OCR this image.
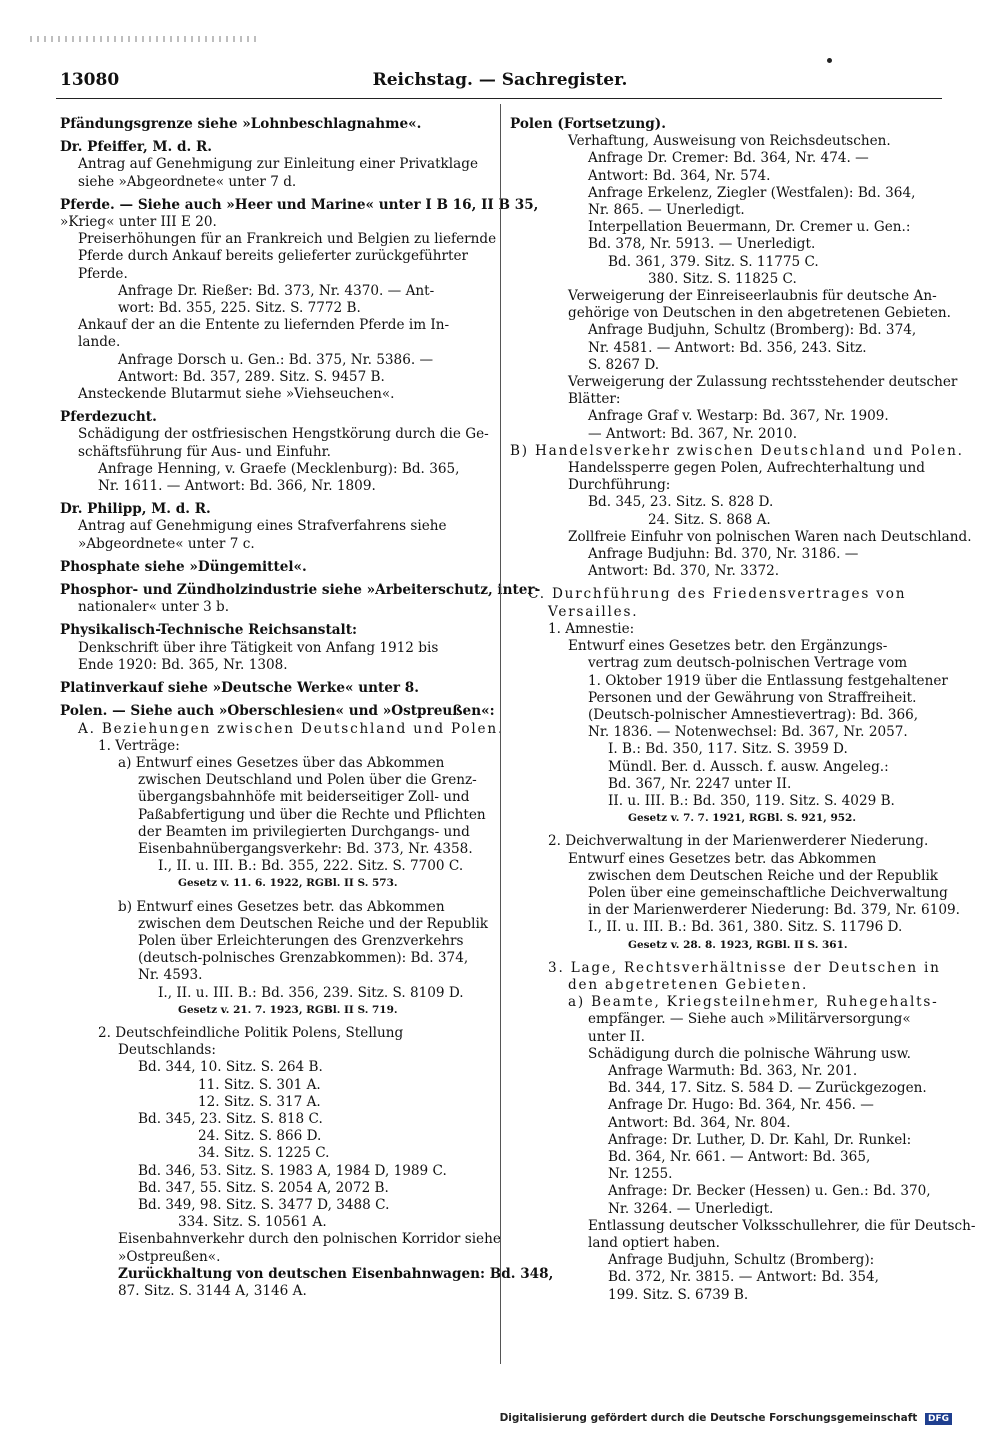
13080	Reichstag. — Sachregister.
Pfändungsgrenze siehe »Lohnbeschlagnahme«.
Dr. Pfeiffer, M. d. R.
Antrag auf Genehmigung zur Einleitung einer Privatklage
siehe »Abgeordnete« unter 7 d.
Pferde. — Siehe auch »Heer und Marine« unter I B 16, II B 35,
»Krieg« unter III E 20.
Preiserhöhungen für an Frankreich und Belgien zu liefernde
Pferde durch Ankauf bereits gelieferter zurückgeführter
Pferde.
Anfrage Dr. Rießer: Bd. 373, Nr. 4370. — Ant-
wort: Bd. 355, 225. Sitz. S. 7772 B.
Ankauf der an die Entente zu liefernden Pferde im In-
lande.
Anfrage Dorsch u. Gen.: Bd. 375, Nr. 5386. —
Antwort: Bd. 357, 289. Sitz. S. 9457 B.
Ansteckende Blutarmut siehe »Viehseuchen«.
Pferdezucht.
Schädigung der ostfriesischen Hengstkörung durch die Ge-
schäftsführung für Aus- und Einfuhr.
Anfrage Henning, v. Graefe (Mecklenburg): Bd. 365,
Nr. 1611. — Antwort: Bd. 366, Nr. 1809.
Dr. Philipp, M. d. R.
Antrag auf Genehmigung eines Strafverfahrens siehe
»Abgeordnete« unter 7 c.
Phosphate siehe »Düngemittel«.
Phosphor- und Zündholzindustrie siehe »Arbeiterschutz, inter-
nationaler« unter 3 b.
Physikalisch-Technische Reichsanstalt:
Denkschrift über ihre Tätigkeit von Anfang 1912 bis
Ende 1920: Bd. 365, Nr. 1308.
Platinverkauf siehe »Deutsche Werke« unter 8.
Polen. — Siehe auch »Oberschlesien« und »Ostpreußen«:
A. Beziehungen zwischen Deutschland und Polen.
1. Verträge:
a) Entwurf eines Gesetzes über das Abkommen
zwischen Deutschland und Polen über die Grenz-
übergangsbahnhöfe mit beiderseitiger Zoll- und
Paßabfertigung und über die Rechte und Pflichten
der Beamten im privilegierten Durchgangs- und
Eisenbahnübergangsverkehr: Bd. 373, Nr. 4358.
I., II. u. III. B.: Bd. 355, 222. Sitz. S. 7700 C.
Gesetz v. 11. 6. 1922, RGBl. II S. 573.
b) Entwurf eines Gesetzes betr. das Abkommen
zwischen dem Deutschen Reiche und der Republik
Polen über Erleichterungen des Grenzverkehrs
(deutsch-polnisches Grenzabkommen): Bd. 374,
Nr. 4593.
I., II. u. III. B.: Bd. 356, 239. Sitz. S. 8109 D.
Gesetz v. 21. 7. 1923, RGBl. II S. 719.
2. Deutschfeindliche Politik Polens, Stellung
Deutschlands:
Bd. 344, 10. Sitz. S. 264 B.
11. Sitz. S. 301 A.
12. Sitz. S. 317 A.
Bd. 345, 23. Sitz. S. 818 C.
24. Sitz. S. 866 D.
34. Sitz. S. 1225 C.
Bd. 346, 53. Sitz. S. 1983 A, 1984 D, 1989 C.
Bd. 347, 55. Sitz. S. 2054 A, 2072 B.
Bd. 349, 98. Sitz. S. 3477 D, 3488 C.
334. Sitz. S. 10561 A.
Eisenbahnverkehr durch den polnischen Korridor siehe
»Ostpreußen«.
Zurückhaltung von deutschen Eisenbahnwagen: Bd. 348,
87. Sitz. S. 3144 A, 3146 A.
Polen (Fortsetzung).
Verhaftung, Ausweisung von Reichsdeutschen.
Anfrage Dr. Cremer: Bd. 364, Nr. 474. —
Antwort: Bd. 364, Nr. 574.
Anfrage Erkelenz, Ziegler (Westfalen): Bd. 364,
Nr. 865. — Unerledigt.
Interpellation Beuermann, Dr. Cremer u. Gen.:
Bd. 378, Nr. 5913. — Unerledigt.
Bd. 361, 379. Sitz. S. 11775 C.
380. Sitz. S. 11825 C.
Verweigerung der Einreiseerlaubnis für deutsche An-
gehörige von Deutschen in den abgetretenen Gebieten.
Anfrage Budjuhn, Schultz (Bromberg): Bd. 374,
Nr. 4581. — Antwort: Bd. 356, 243. Sitz.
S. 8267 D.
Verweigerung der Zulassung rechtsstehender deutscher
Blätter:
Anfrage Graf v. Westarp: Bd. 367, Nr. 1909.
— Antwort: Bd. 367, Nr. 2010.
B) Handelsverkehr zwischen Deutschland und Polen.
Handelssperre gegen Polen, Aufrechterhaltung und
Durchführung:
Bd. 345, 23. Sitz. S. 828 D.
24. Sitz. S. 868 A.
Zollfreie Einfuhr von polnischen Waren nach Deutschland.
Anfrage Budjuhn: Bd. 370, Nr. 3186. —
Antwort: Bd. 370, Nr. 3372.
C. Durchführung des Friedensvertrages von
Versailles.
1. Amnestie:
Entwurf eines Gesetzes betr. den Ergänzungs-
vertrag zum deutsch-polnischen Vertrage vom
1. Oktober 1919 über die Entlassung festgehaltener
Personen und der Gewährung von Straffreiheit.
(Deutsch-polnischer Amnestievertrag): Bd. 366,
Nr. 1836. — Notenwechsel: Bd. 367, Nr. 2057.
I. B.: Bd. 350, 117. Sitz. S. 3959 D.
Mündl. Ber. d. Aussch. f. ausw. Angeleg.:
Bd. 367, Nr. 2247 unter II.
II. u. III. B.: Bd. 350, 119. Sitz. S. 4029 B.
Gesetz v. 7. 7. 1921, RGBl. S. 921, 952.
2. Deichverwaltung in der Marienwerderer Niederung.
Entwurf eines Gesetzes betr. das Abkommen
zwischen dem Deutschen Reiche und der Republik
Polen über eine gemeinschaftliche Deichverwaltung
in der Marienwerderer Niederung: Bd. 379, Nr. 6109.
I., II. u. III. B.: Bd. 361, 380. Sitz. S. 11796 D.
Gesetz v. 28. 8. 1923, RGBl. II S. 361.
3. Lage, Rechtsverhältnisse der Deutschen in
den abgetretenen Gebieten.
a) Beamte, Kriegsteilnehmer, Ruhegehalts-
empfänger. — Siehe auch »Militärversorgung«
unter II.
Schädigung durch die polnische Währung usw.
Anfrage Warmuth: Bd. 363, Nr. 201.
Bd. 344, 17. Sitz. S. 584 D. — Zurückgezogen.
Anfrage Dr. Hugo: Bd. 364, Nr. 456. —
Antwort: Bd. 364, Nr. 804.
Anfrage: Dr. Luther, D. Dr. Kahl, Dr. Runkel:
Bd. 364, Nr. 661. — Antwort: Bd. 365,
Nr. 1255.
Anfrage: Dr. Becker (Hessen) u. Gen.: Bd. 370,
Nr. 3264. — Unerledigt.
Entlassung deutscher Volksschullehrer, die für Deutsch-
land optiert haben.
Anfrage Budjuhn, Schultz (Bromberg):
Bd. 372, Nr. 3815. — Antwort: Bd. 354,
199. Sitz. S. 6739 B.
Digitalisierung gefördert durch die Deutsche Forschungsgemeinschaft DFG
